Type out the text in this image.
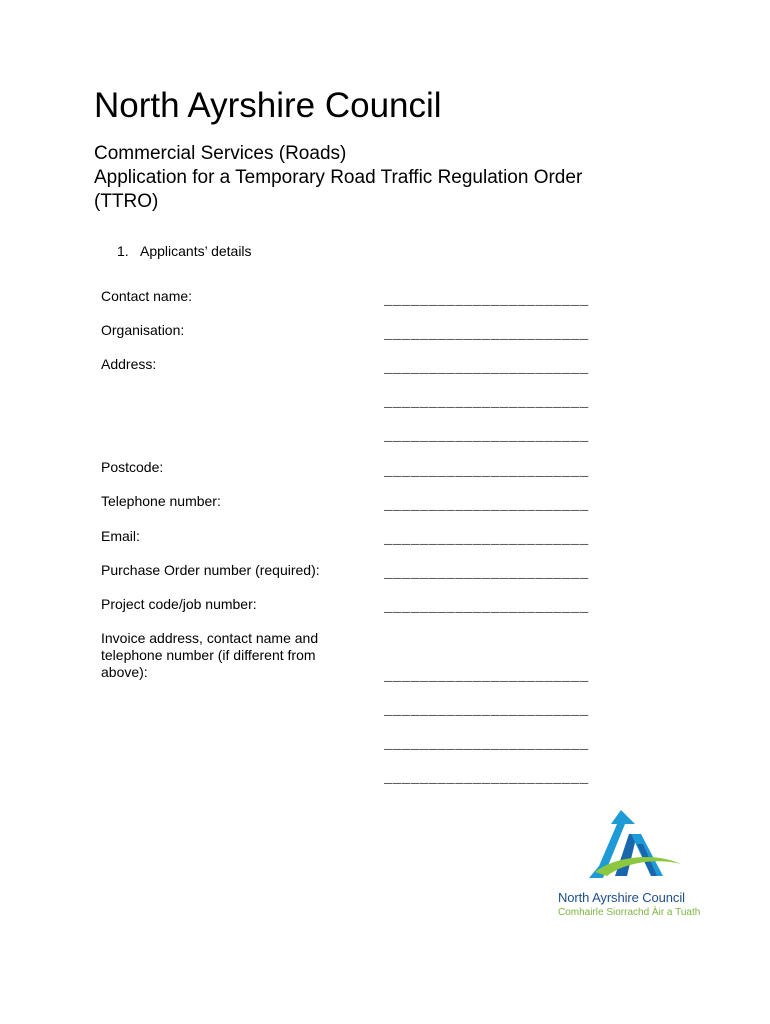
North Ayrshire Council
Commercial Services (Roads)
Application for a Temporary Road Traffic Regulation Order
(TTRO)
1. Applicants’ details
Contact name:	_______________________
Organisation:	_______________________
Address:	_______________________
_______________________
_______________________
Postcode:	_______________________
Telephone number:	_______________________
Email:	_______________________
Purchase Order number (required):	_______________________
Project code/job number:	_______________________
Invoice address, contact name and telephone number (if different from above):	_______________________
_______________________
_______________________
_______________________
North Ayrshire Council
Comhairle Siorrachd Àir a Tuath
